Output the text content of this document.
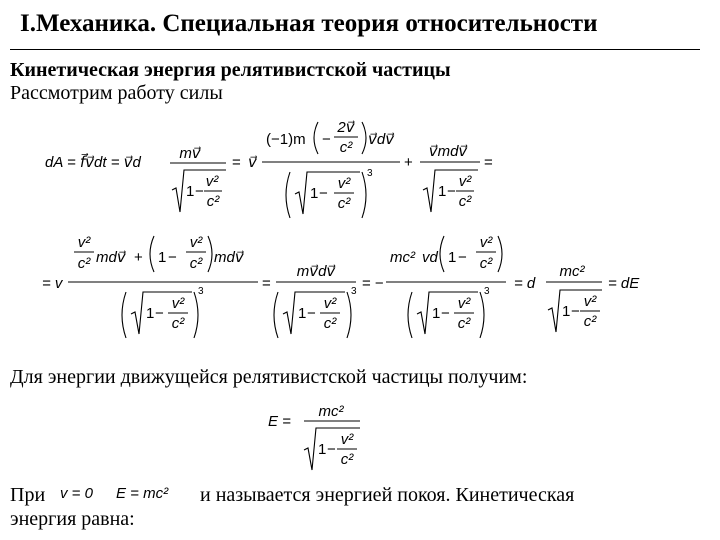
I.Механика. Специальная теория относительности
Кинетическая энергия релятивистской частицы
Рассмотрим работу силы
Для энергии движущейся релятивистской частицы получим:
При	и называется энергией покоя. Кинетическая
энергия равна:
dA = f⃗v⃗dt = v⃗d
mv⃗
1 −
v²
c²
= v⃗
(−1)m
2v⃗
c²
− v⃗dv⃗
1 −
v²
c²
3
+
v⃗mdv⃗
1 −
v²
c²
=
= v
v²
c² mdv⃗ + 1 −
v²
c² mdv⃗
1 −
v²
c²
3	=
mv⃗dv⃗
1 −
v²
c²
3 = −
mc² vd 1 −
v²
c²
1 −
v²
c²
3 = d
mc²
1 −
v²
c²
= dE
E =
mc²
1 −
v²
c²
v = 0 E = mc²
